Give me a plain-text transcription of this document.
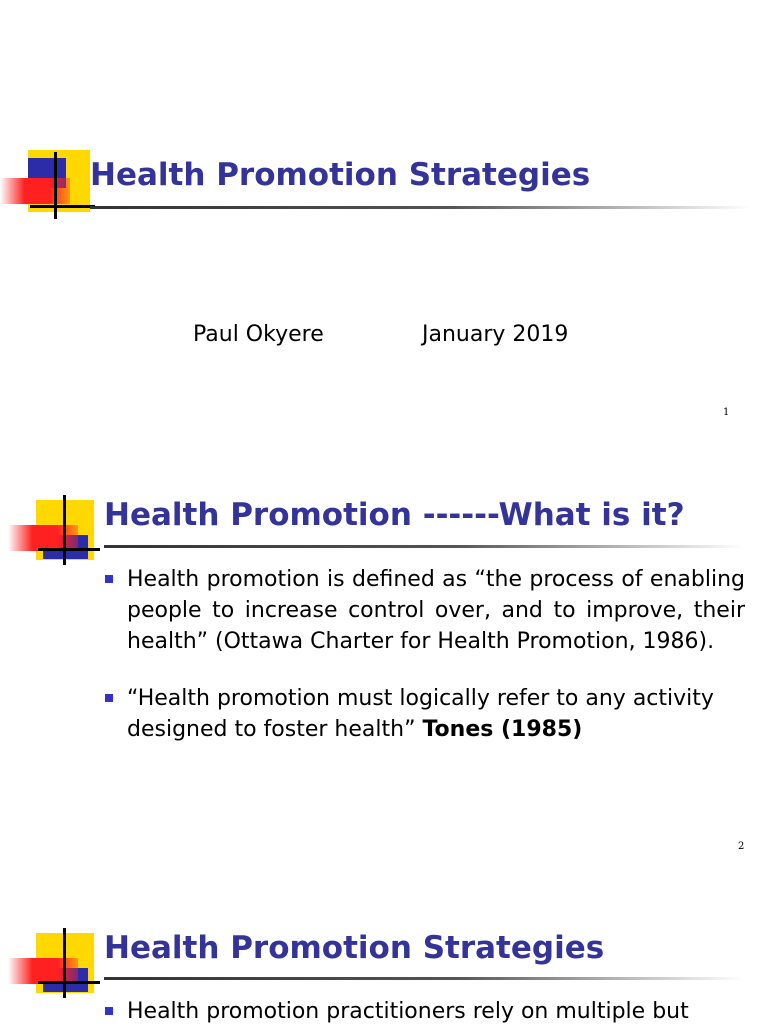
Health Promotion Strategies
Paul Okyere	January 2019
1
Health Promotion ------What is it?
Health promotion is defined as “the process of enabling people to increase control over, and to improve, their health” (Ottawa Charter for Health Promotion, 1986).
“Health promotion must logically refer to any activity designed to foster health” Tones (1985)
2
Health Promotion Strategies
Health promotion practitioners rely on multiple but
